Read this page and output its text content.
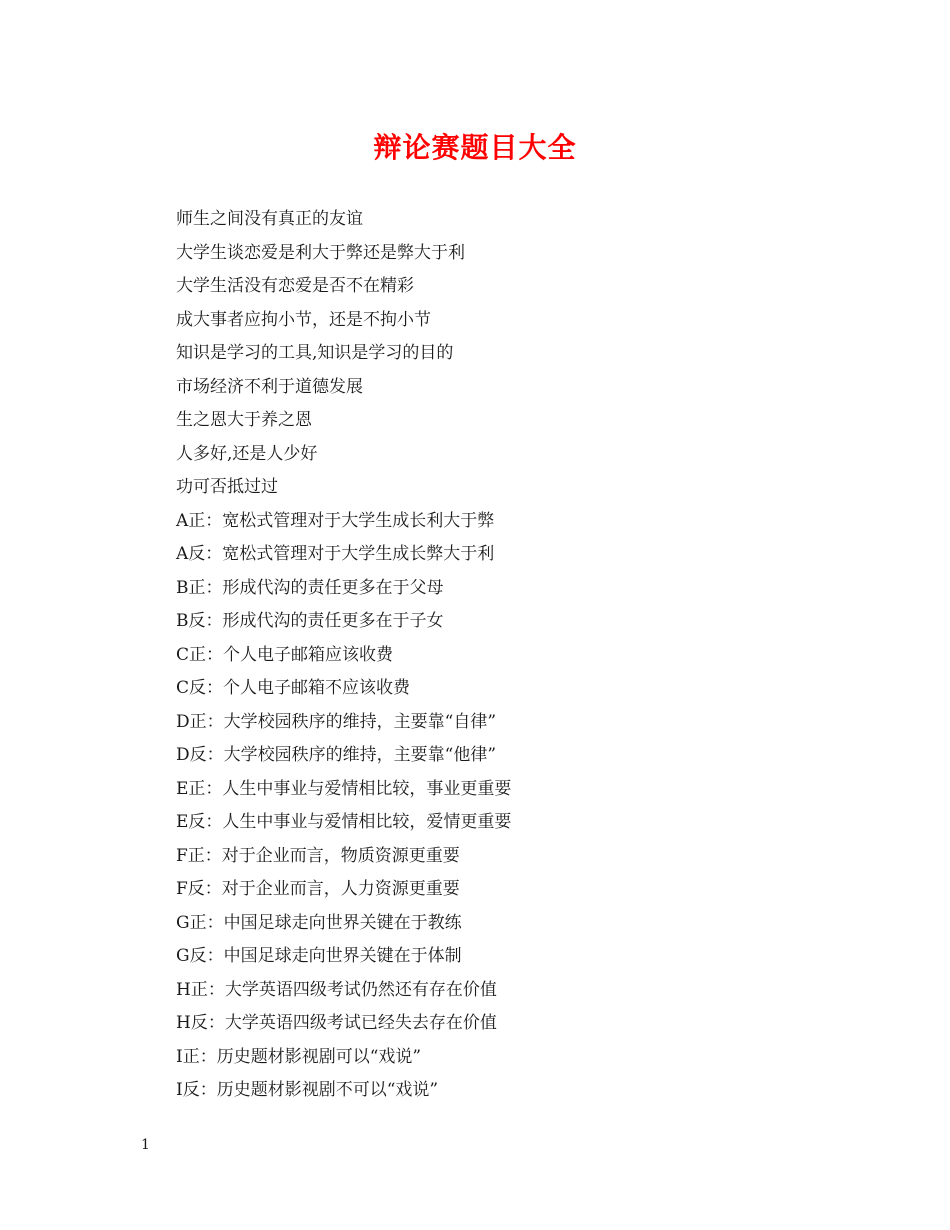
辩论赛题目大全
师生之间没有真正的友谊
大学生谈恋爱是利大于弊还是弊大于利
大学生活没有恋爱是否不在精彩
成大事者应拘小节，还是不拘小节
知识是学习的工具,知识是学习的目的
市场经济不利于道德发展
生之恩大于养之恩
人多好,还是人少好
功可否抵过过
A正：宽松式管理对于大学生成长利大于弊
A反：宽松式管理对于大学生成长弊大于利
B正：形成代沟的责任更多在于父母
B反：形成代沟的责任更多在于子女
C正：个人电子邮箱应该收费
C反：个人电子邮箱不应该收费
D正：大学校园秩序的维持，主要靠“自律”
D反：大学校园秩序的维持，主要靠“他律”
E正：人生中事业与爱情相比较，事业更重要
E反：人生中事业与爱情相比较，爱情更重要
F正：对于企业而言，物质资源更重要
F反：对于企业而言，人力资源更重要
G正：中国足球走向世界关键在于教练
G反：中国足球走向世界关键在于体制
H正：大学英语四级考试仍然还有存在价值
H反：大学英语四级考试已经失去存在价值
I正：历史题材影视剧可以“戏说”
I反：历史题材影视剧不可以“戏说”
1
